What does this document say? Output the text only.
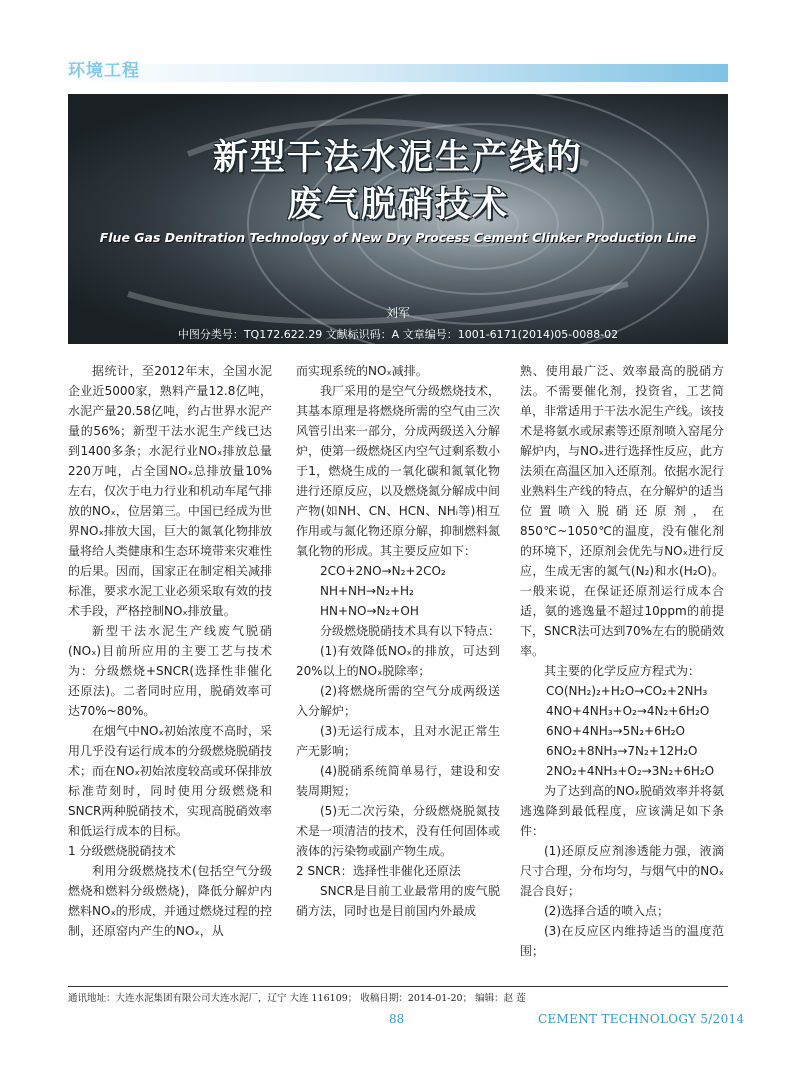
环境工程
新型干法水泥生产线的
废气脱硝技术
Flue Gas Denitration Technology of New Dry Process Cement Clinker Production Line
刘军
中图分类号：TQ172.622.29 文献标识码：A 文章编号：1001-6171(2014)05-0088-02

据统计，至2012年末，全国水泥企业近5000家，熟料产量12.8亿吨，水泥产量20.58亿吨，约占世界水泥产量的56%；新型干法水泥生产线已达到1400多条；水泥行业NOₓ排放总量220万吨，占全国NOₓ总排放量10%左右，仅次于电力行业和机动车尾气排放的NOₓ，位居第三。中国已经成为世界NOₓ排放大国，巨大的氮氧化物排放量将给人类健康和生态环境带来灾难性的后果。因而，国家正在制定相关减排标准，要求水泥工业必须采取有效的技术手段，严格控制NOₓ排放量。

新型干法水泥生产线废气脱硝(NOₓ)目前所应用的主要工艺与技术为：分级燃烧+SNCR(选择性非催化还原法)。二者同时应用，脱硝效率可达70%~80%。

在烟气中NOₓ初始浓度不高时，采用几乎没有运行成本的分级燃烧脱硝技术；而在NOₓ初始浓度较高或环保排放标准苛刻时，同时使用分级燃烧和SNCR两种脱硝技术，实现高脱硝效率和低运行成本的目标。

1 分级燃烧脱硝技术

利用分级燃烧技术(包括空气分级燃烧和燃料分级燃烧)，降低分解炉内燃料NOₓ的形成，并通过燃烧过程的控制，还原窑内产生的NOₓ，从

而实现系统的NOₓ减排。

我厂采用的是空气分级燃烧技术，其基本原理是将燃烧所需的空气由三次风管引出来一部分，分成两级送入分解炉，使第一级燃烧区内空气过剩系数小于1，燃烧生成的一氧化碳和氮氧化物进行还原反应，以及燃烧氮分解成中间产物(如NH、CN、HCN、NHᵢ等)相互作用或与氮化物还原分解，抑制燃料氮氧化物的形成。其主要反应如下：

2CO+2NO→N₂+2CO₂

NH+NH→N₂+H₂

HN+NO→N₂+OH

分级燃烧脱硝技术具有以下特点：

(1)有效降低NOₓ的排放，可达到20%以上的NOₓ脱除率；

(2)将燃烧所需的空气分成两级送入分解炉；

(3)无运行成本，且对水泥正常生产无影响；

(4)脱硝系统简单易行，建设和安装周期短；

(5)无二次污染，分级燃烧脱氮技术是一项清洁的技术，没有任何固体或液体的污染物或副产物生成。

2 SNCR：选择性非催化还原法

SNCR是目前工业最常用的废气脱硝方法，同时也是目前国内外最成

熟、使用最广泛、效率最高的脱硝方法。不需要催化剂，投资省，工艺简单，非常适用于干法水泥生产线。该技术是将氨水或尿素等还原剂喷入窑尾分解炉内，与NOₓ进行选择性反应，此方法须在高温区加入还原剂。依据水泥行业熟料生产线的特点，在分解炉的适当位置喷入脱硝还原剂，在850℃~1050℃的温度，没有催化剂的环境下，还原剂会优先与NOₓ进行反应，生成无害的氮气(N₂)和水(H₂O)。一般来说，在保证还原剂运行成本合适，氨的逃逸量不超过10ppm的前提下，SNCR法可达到70%左右的脱硝效率。

其主要的化学反应方程式为：

CO(NH₂)₂+H₂O→CO₂+2NH₃

4NO+4NH₃+O₂→4N₂+6H₂O

6NO+4NH₃→5N₂+6H₂O

6NO₂+8NH₃→7N₂+12H₂O

2NO₂+4NH₃+O₂→3N₂+6H₂O

为了达到高的NOₓ脱硝效率并将氨逃逸降到最低程度，应该满足如下条件：

(1)还原反应剂渗透能力强，液滴尺寸合理，分布均匀，与烟气中的NOₓ混合良好；

(2)选择合适的喷入点；

(3)在反应区内维持适当的温度范围；

通讯地址：大连水泥集团有限公司大连水泥厂，辽宁 大连 116109； 收稿日期：2014-01-20； 编辑：赵 莲
88	CEMENT TECHNOLOGY 5/2014
